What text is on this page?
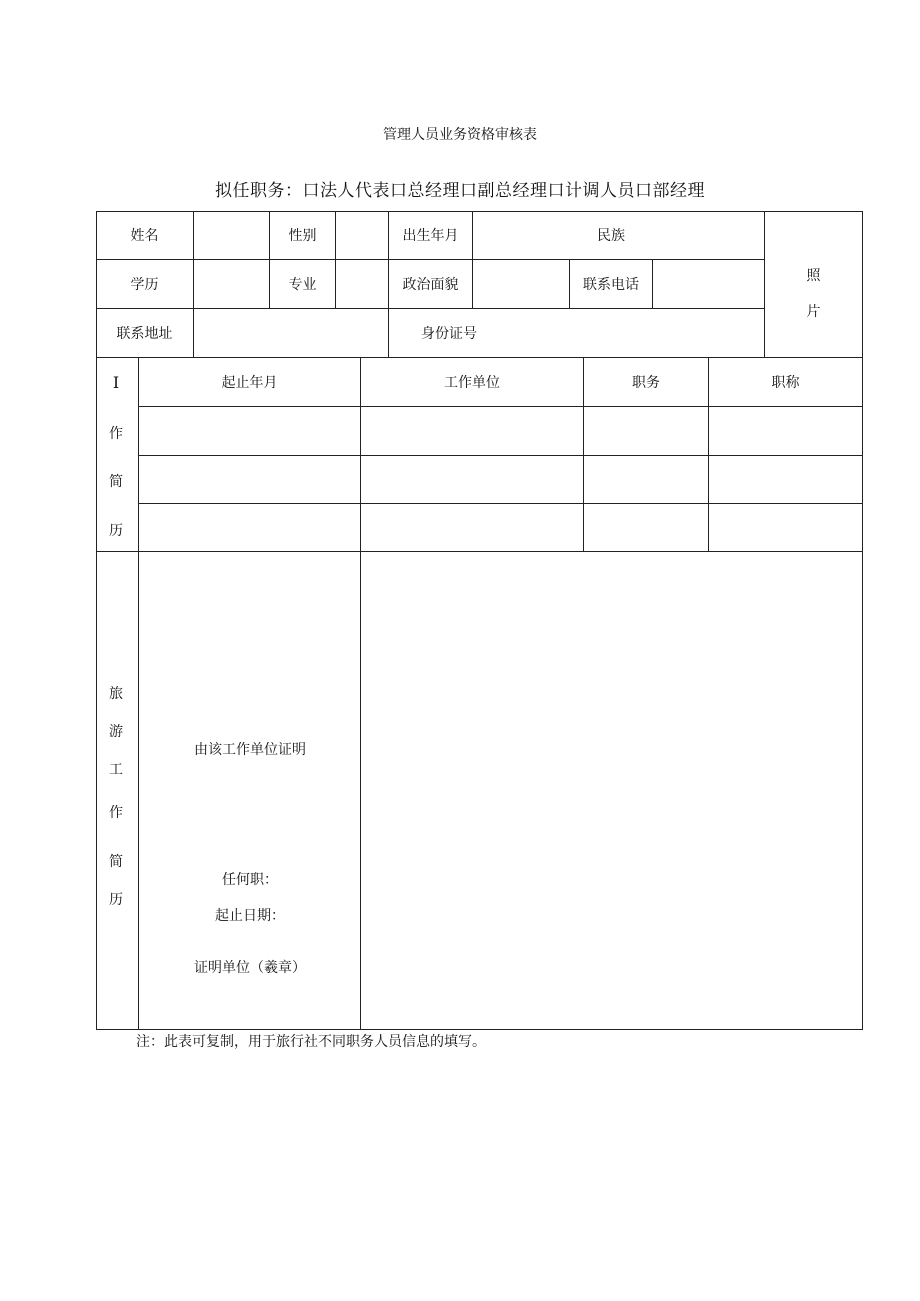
管理人员业务资格审核表
拟任职务：口法人代表口总经理口副总经理口计调人员口部经理
姓名	性别	出生年月	民族
学历	专业	政治面貌	联系电话
联系地址	身份证号
照
片
I
作
简
历
起止年月	工作单位	职务	职称
旅
游
工
作
简
历
由该工作单位证明
任何职：
起止日期：
证明单位（羲章）
注：此表可复制，用于旅行社不同职务人员信息的填写。
